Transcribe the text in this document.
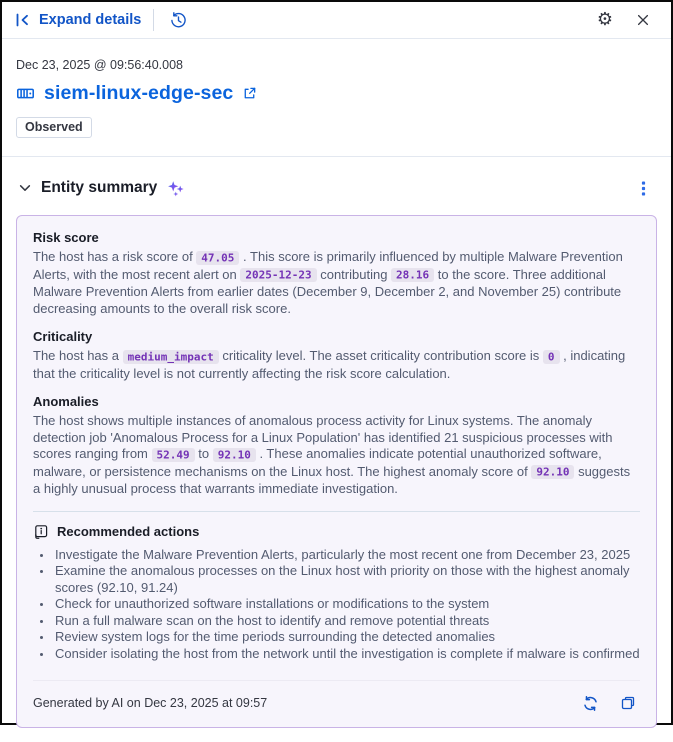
Expand details	⚙︎
Dec 23, 2025 @ 09:56:40.008
siem-linux-edge-sec
Observed
Entity summary
Risk score

The host has a risk score of 47.05 . This score is primarily influenced by multiple Malware Prevention Alerts, with the most recent alert on 2025-12-23 contributing 28.16 to the score. Three additional Malware Prevention Alerts from earlier dates (December 9, December 2, and November 25) contribute decreasing amounts to the overall risk score.

Criticality

The host has a medium_impact criticality level. The asset criticality contribution score is 0 , indicating that the criticality level is not currently affecting the risk score calculation.

Anomalies

The host shows multiple instances of anomalous process activity for Linux systems. The anomaly detection job 'Anomalous Process for a Linux Population' has identified 21 suspicious processes with scores ranging from 52.49 to 92.10 . These anomalies indicate potential unauthorized software, malware, or persistence mechanisms on the Linux host. The highest anomaly score of 92.10 suggests a highly unusual process that warrants immediate investigation.

Recommended actions
• Investigate the Malware Prevention Alerts, particularly the most recent one from December 23, 2025
• Examine the anomalous processes on the Linux host with priority on those with the highest anomaly scores (92.10, 91.24)
• Check for unauthorized software installations or modifications to the system
• Run a full malware scan on the host to identify and remove potential threats
• Review system logs for the time periods surrounding the detected anomalies
• Consider isolating the host from the network until the investigation is complete if malware is confirmed
Generated by AI on Dec 23, 2025 at 09:57
